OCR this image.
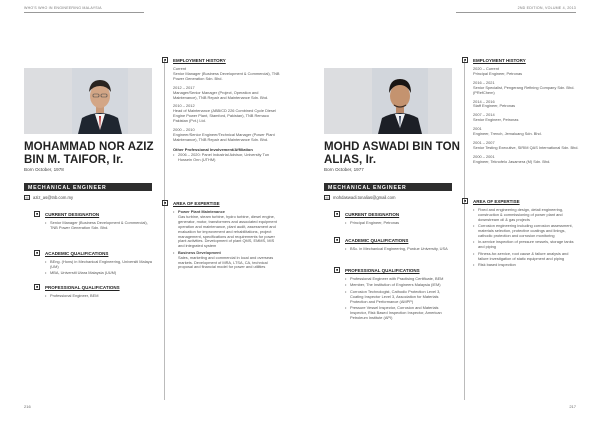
WHO'S WHO IN ENGINEERING MALAYSIA
MOHAMMAD NOR AZIZ
BIN M. TAIFOR, Ir.
Born October, 1978
MECHANICAL ENGINEER
✉	aziz_as@tnb.com.my
■	CURRENT DESIGNATION
• Senior Manager (Business Development & Commercial), TNB Power Generation Sdn. Bhd.
■	ACADEMIC QUALIFICATIONS
• BEng. (Hons) in Mechanical Engineering, Universiti Malaya (UM)
• MBA, Universiti Utara Malaysia (UUM)
■	PROFESSIONAL QUALIFICATIONS
• Professional Engineer, BEM
■	EMPLOYMENT HISTORY
Current
Senior Manager (Business Development & Commercial), TNB Power Generation Sdn. Bhd.
2012 – 2017
Manager/Senior Manager (Project, Operation and Maintenance), TNB Repair and Maintenance Sdn. Bhd.
2010 – 2012
Head of Maintenance (ABB/CD 226 Combined Cycle Diesel Engine Power Plant, Stamford, Pakistan), TNB Remaco Pakistan (Pvt.) Ltd.
2000 – 2010
Engineer/Senior Engineer/Technical Manager (Power Plant Maintenance), TNB Repair and Maintenance Sdn. Bhd.
Other Professional Involvement/Affiliation
• 2006 – 2020: Panel Industrial Advisor, University Tun Hussein Onn (UTHM)
■	AREA OF EXPERTISE
• Power Plant Maintenance
Gas turbine, steam turbine, hydro turbine, diesel engine, generator, motor, transformers and associated equipment operation and maintenance, plant audit, assessment and evaluation for improvement and rehabilitations, project management, specifications and requirements for power plant activities. Development of plant QMS, EMMS, MIS and integrated system
• Business Development
Sales, marketing and commercial in local and overseas markets. Development of MRA, LTSA, CA, technical proposal and financial model for power and utilities
216
2ND EDITION, VOLUME 4, 2013
MOHD ASWADI BIN TON
ALIAS, Ir.
Born October, 1977
MECHANICAL ENGINEER
✉	mohdaswadi.tonalias@gmail.com
■	CURRENT DESIGNATION
• Principal Engineer, Petronas
■	ACADEMIC QUALIFICATIONS
• BSc. in Mechanical Engineering, Purdue University, USA
■	PROFESSIONAL QUALIFICATIONS
• Professional Engineer with Practising Certificate, BEM
• Member, The Institution of Engineers Malaysia (IEM)
• Corrosion Technologist, Cathodic Protection Level 3, Coating Inspector Level 3, Association for Materials Protection and Performance (AMPP)
• Pressure Vessel Inspector, Corrosion and Materials Inspector, Risk Based Inspection Inspector, American Petroleum Institute (API)
■	EMPLOYMENT HISTORY
2020 – Current
Principal Engineer, Petronas
2016 – 2021
Senior Specialist, Pengerang Refining Company Sdn. Bhd. (PRefChem)
2014 – 2016
Staff Engineer, Petronas
2007 – 2014
Senior Engineer, Petronas
2001
Engineer, Trench, Jemaluang Sdn. Bhd.
2001 – 2007
Senior Testing Executive, SIRIM QAS International Sdn. Bhd.
2000 – 2001
Engineer, Teknofelo Jasamera (M) Sdn. Bhd.
■	AREA OF EXPERTISE
• Fixed and engineering design, detail engineering, construction & commissioning of power plant and downstream oil & gas projects
• Corrosion engineering including corrosion assessment, materials selection, protective coatings and linings, cathodic protection and corrosion monitoring
• In-service inspection of pressure vessels, storage tanks and piping
• Fitness-for-service, root cause & failure analysis and failure investigation of static equipment and piping
• Risk based inspection
217
